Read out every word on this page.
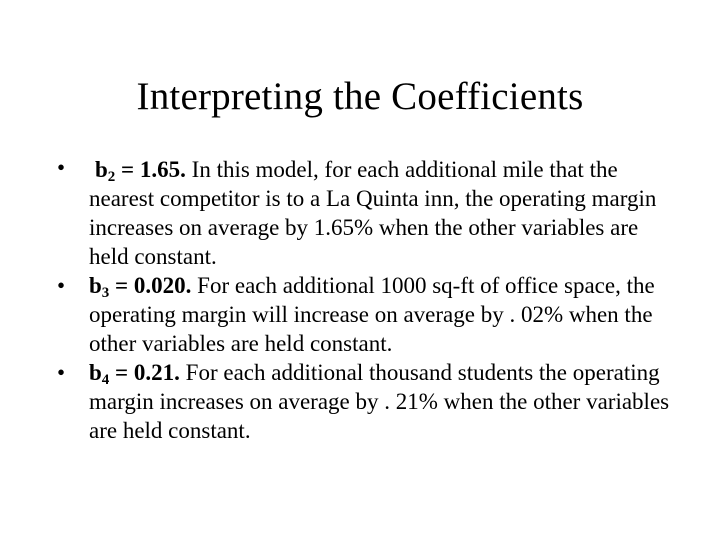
Interpreting the Coefficients
• $b_2 = 1.65$. In this model, for each additional mile that the nearest competitor is to a La Quinta inn, the operating margin increases on average by 1.65% when the other variables are held constant.
• $b_3 = 0.020$. For each additional 1000 sq-ft of office space, the operating margin will increase on average by . 02% when the other variables are held constant.
• $b_4 = 0.21$. For each additional thousand students the operating margin increases on average by . 21% when the other variables are held constant.
